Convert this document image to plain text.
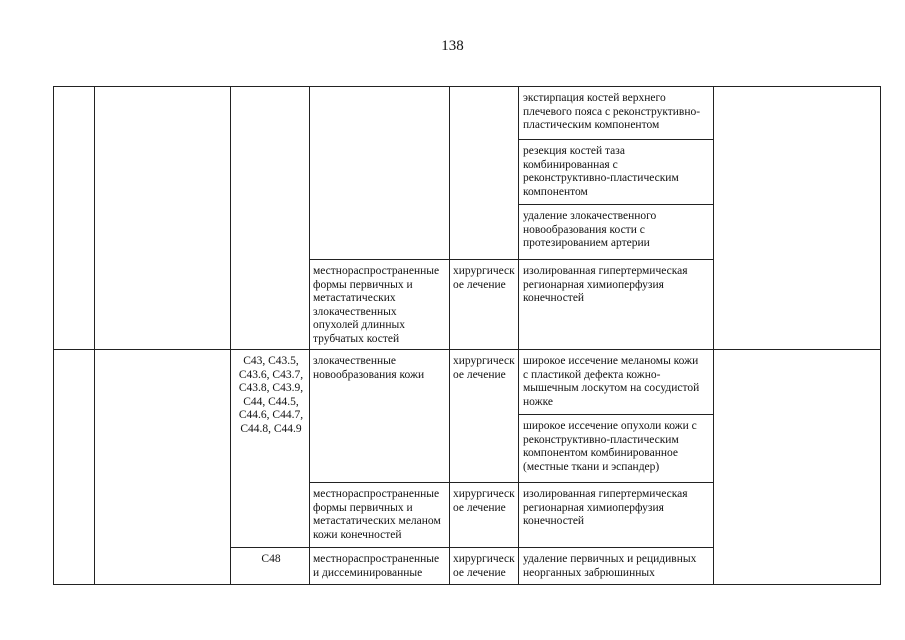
138
экстирпация костей верхнего
плечевого пояса с реконструктивно-
пластическим компонентом
резекция костей таза
комбинированная с
реконструктивно-пластическим
компонентом
удаление злокачественного
новообразования кости с
протезированием артерии
местнораспространенные
формы первичных и
метастатических
злокачественных
опухолей длинных
трубчатых костей
хирургическ
ое лечение
изолированная гипертермическая
регионарная химиоперфузия
конечностей
С43, С43.5,
С43.6, С43.7,
С43.8, С43.9,
С44, С44.5,
С44.6, С44.7,
С44.8, С44.9
злокачественные
новообразования кожи
хирургическ
ое лечение
широкое иссечение меланомы кожи
с пластикой дефекта кожно-
мышечным лоскутом на сосудистой
ножке
широкое иссечение опухоли кожи с
реконструктивно-пластическим
компонентом комбинированное
(местные ткани и эспандер)
местнораспространенные
формы первичных и
метастатических меланом
кожи конечностей
хирургическ
ое лечение
изолированная гипертермическая
регионарная химиоперфузия
конечностей
С48	местнораспространенные
и диссеминированные
хирургическ
ое лечение
удаление первичных и рецидивных
неорганных забрюшинных
